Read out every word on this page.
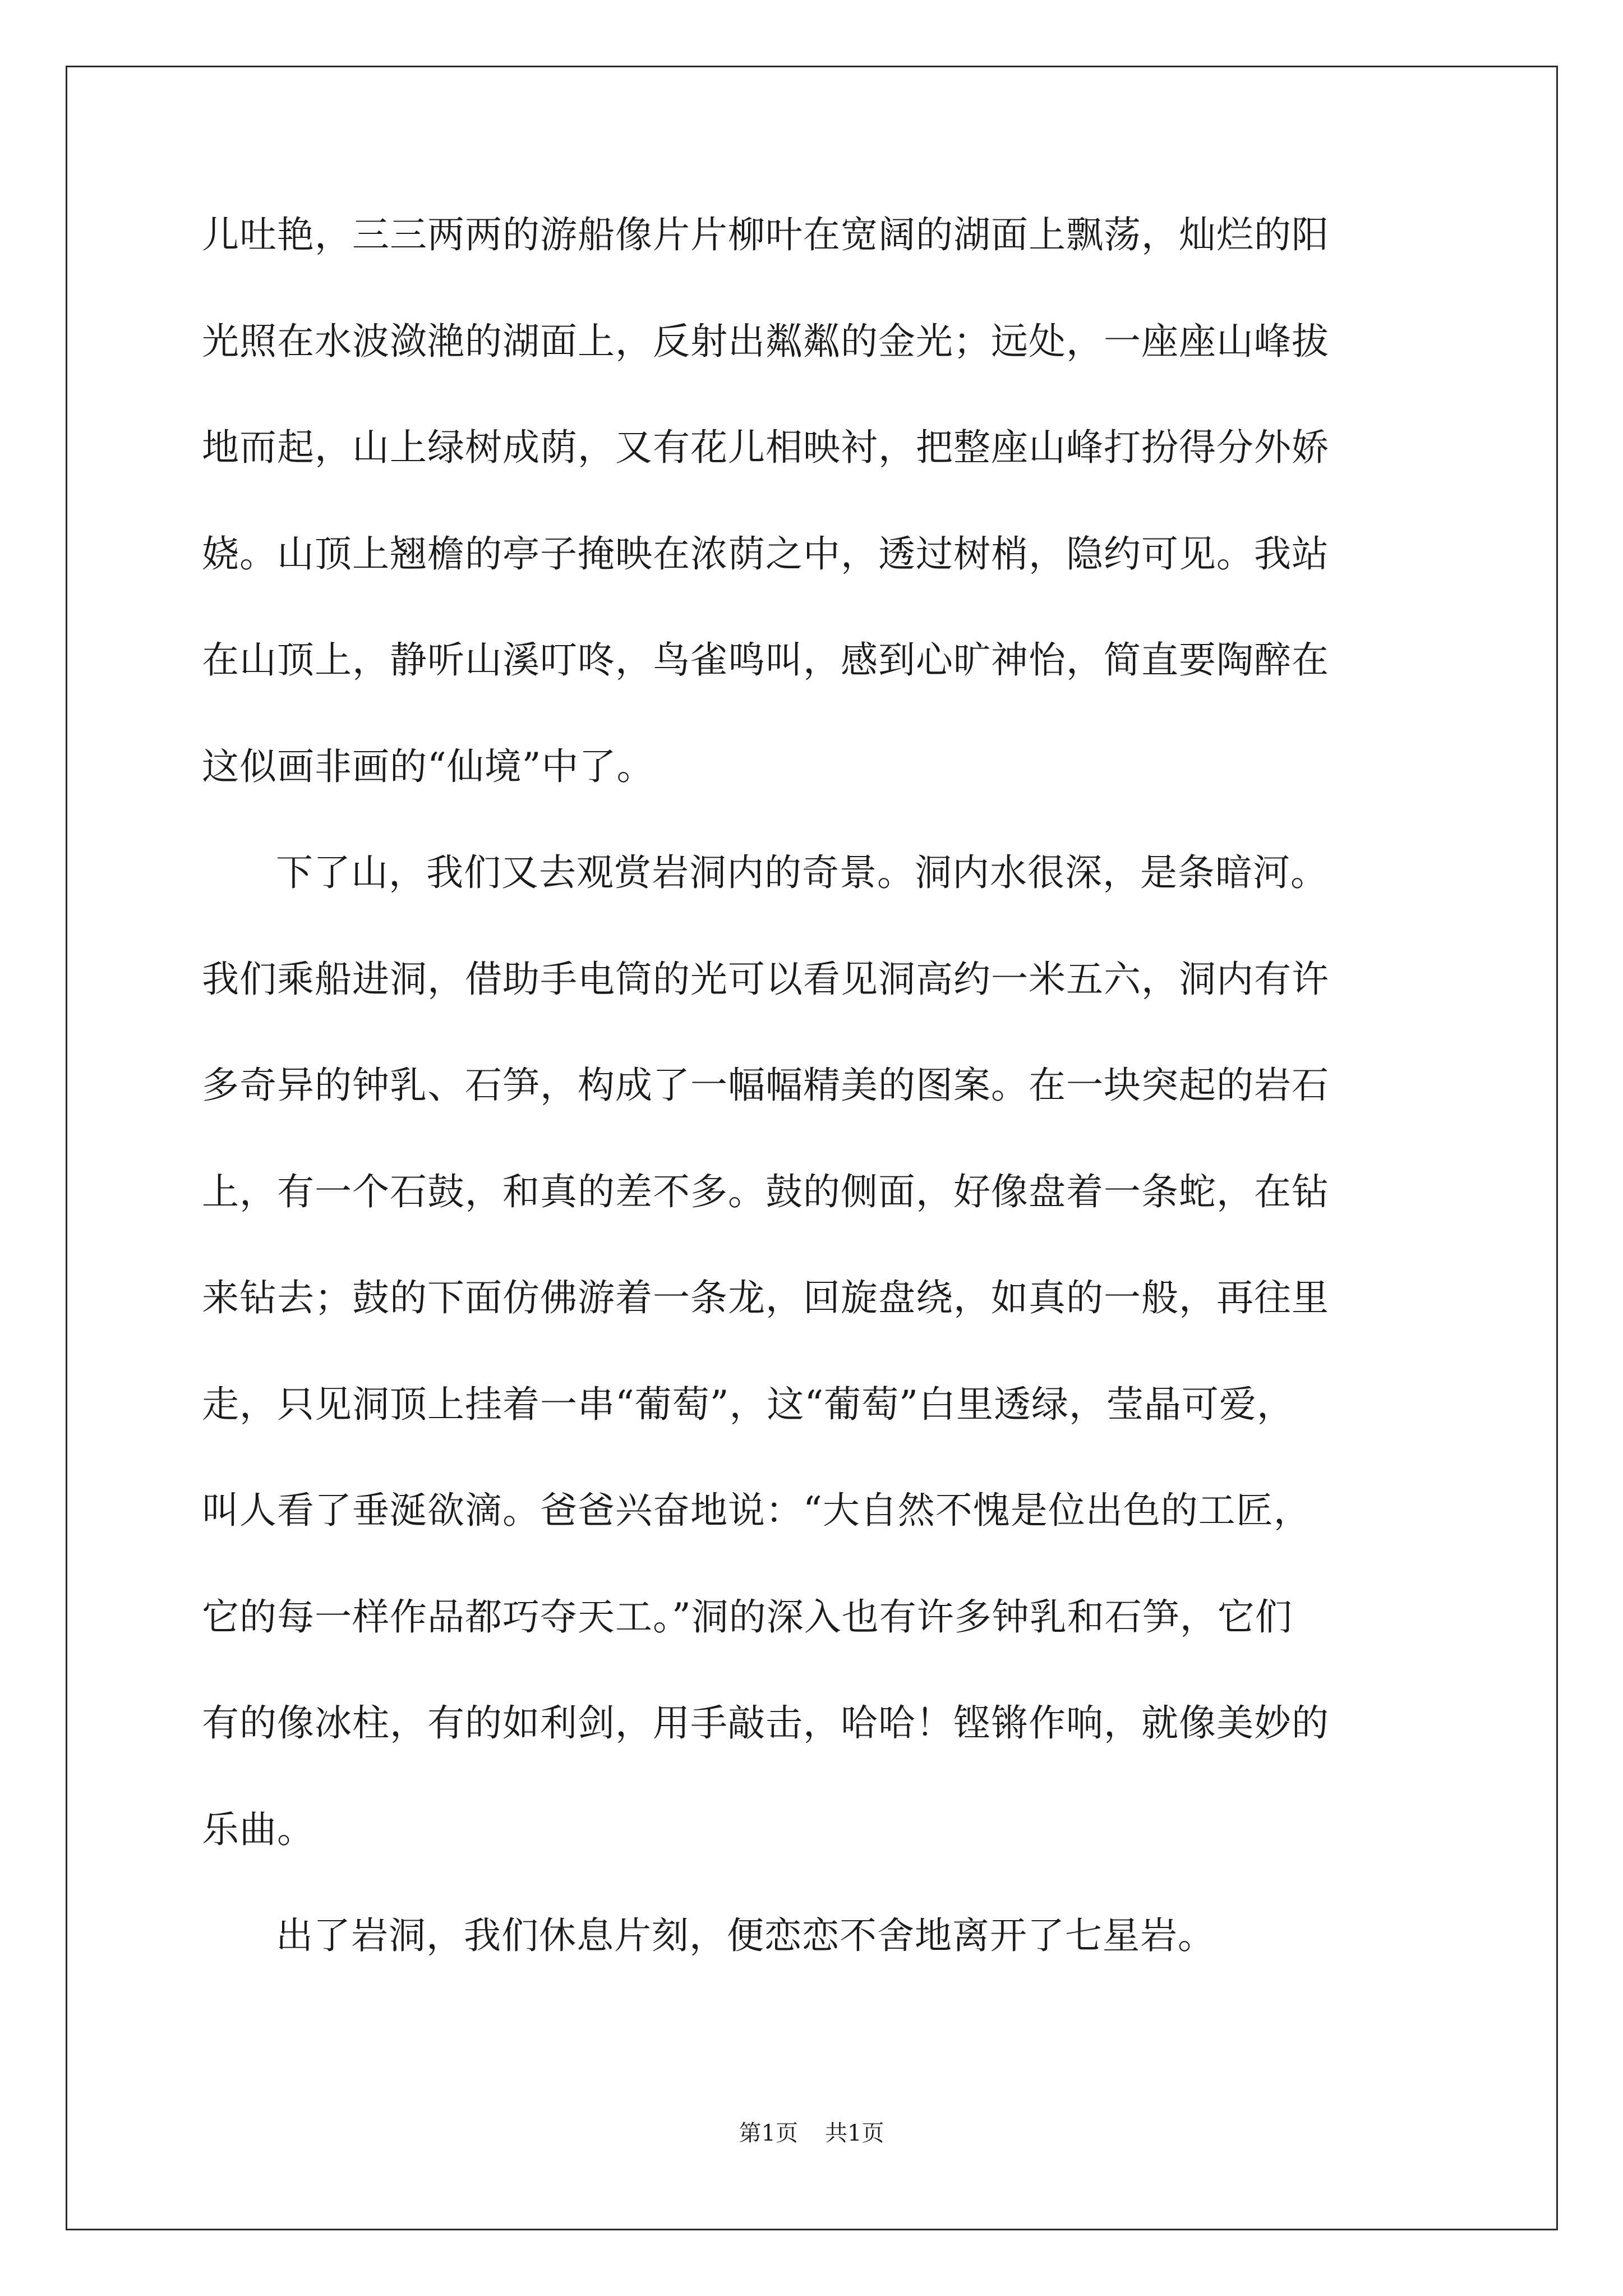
儿吐艳，三三两两的游船像片片柳叶在宽阔的湖面上飘荡，灿烂的阳
光照在水波潋滟的湖面上，反射出粼粼的金光；远处，一座座山峰拔
地而起，山上绿树成荫，又有花儿相映衬，把整座山峰打扮得分外娇
娆。山顶上翘檐的亭子掩映在浓荫之中，透过树梢，隐约可见。我站
在山顶上，静听山溪叮咚，鸟雀鸣叫，感到心旷神怡，简直要陶醉在
这似画非画的“仙境”中了。
下了山，我们又去观赏岩洞内的奇景。洞内水很深，是条暗河。
我们乘船进洞，借助手电筒的光可以看见洞高约一米五六，洞内有许
多奇异的钟乳、石笋，构成了一幅幅精美的图案。在一块突起的岩石
上，有一个石鼓，和真的差不多。鼓的侧面，好像盘着一条蛇，在钻
来钻去；鼓的下面仿佛游着一条龙，回旋盘绕，如真的一般，再往里
走，只见洞顶上挂着一串“葡萄”，这“葡萄”白里透绿，莹晶可爱，
叫人看了垂涎欲滴。爸爸兴奋地说：“大自然不愧是位出色的工匠，
它的每一样作品都巧夺天工。”洞的深入也有许多钟乳和石笋，它们
有的像冰柱，有的如利剑，用手敲击，哈哈！铿锵作响，就像美妙的
乐曲。
出了岩洞，我们休息片刻，便恋恋不舍地离开了七星岩。
第1页 共1页
